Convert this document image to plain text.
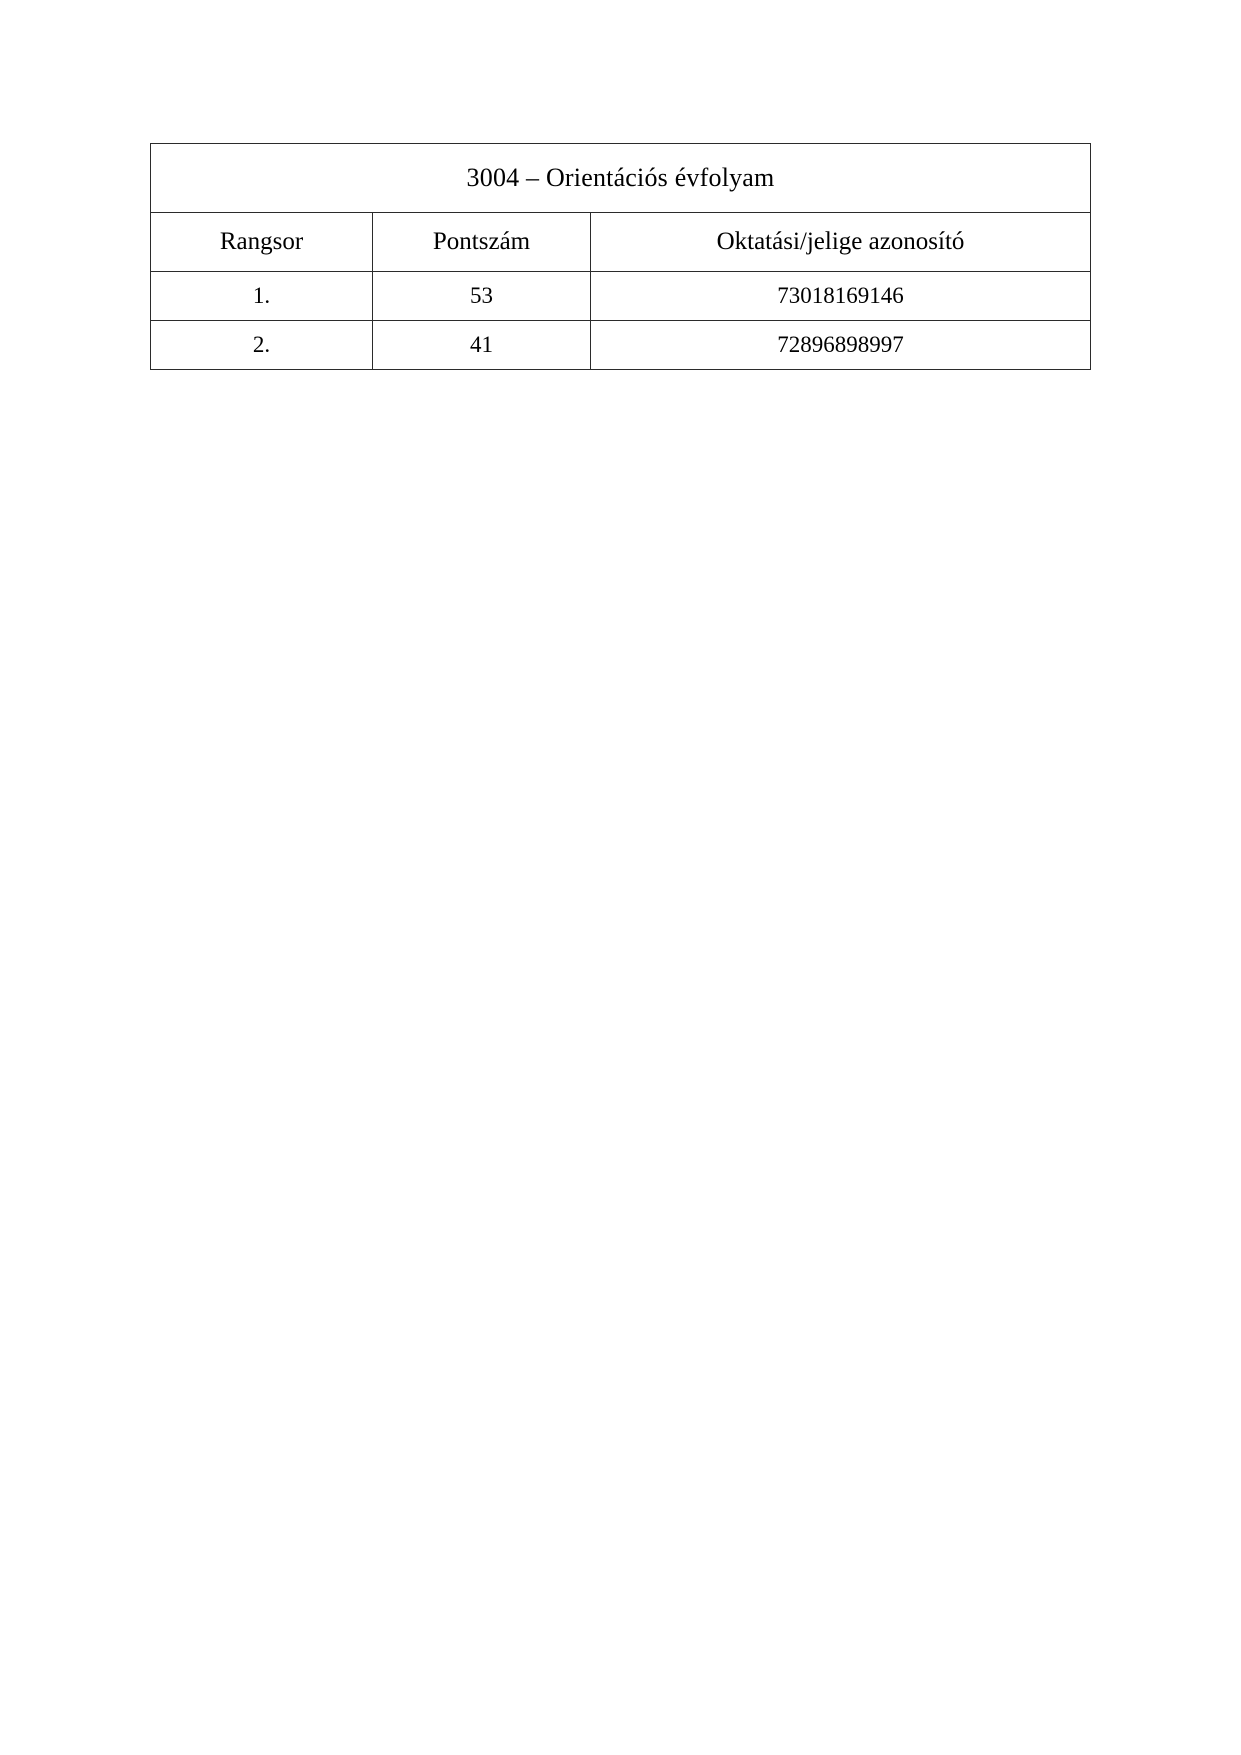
3004 – Orientációs évfolyam		
Rangsor	Pontszám	Oktatási/jelige azonosító
1.	53	73018169146
2.	41	72896898997
